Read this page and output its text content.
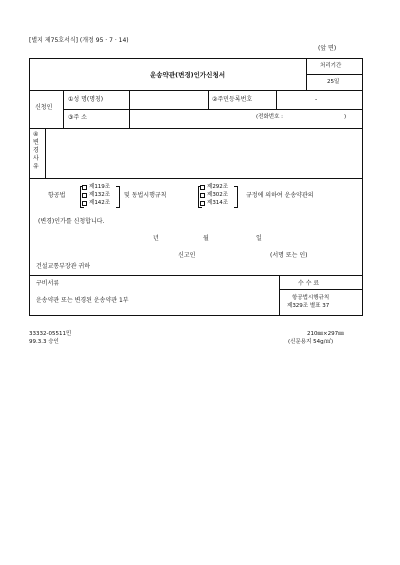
[별지 제75호서식] (개정 95 · 7 · 14)
(앞 면)
운송약관(변경)인가신청서
처리기간
25일
신청인
①성 명(명칭)	②주민등록번호	-
③주 소	(전화번호 :	)
④
변
경
사
유
항공법
제119조
제132조
제142조
및 동법시행규칙
제292조
제302조
제314조
규정에 의하여 운송약관의
(변경)인가를 신청합니다.
년	월	일
신고인	(서명 또는 인)
건설교통부장관 귀하
구비서류
운송약관 또는 변경된 운송약관 1부
수 수 료
항공법시행규칙
제329조 별표 37
33332-05511민
99.3.3 승인
210㎜×297㎜
(신문용지 54g/㎡)
